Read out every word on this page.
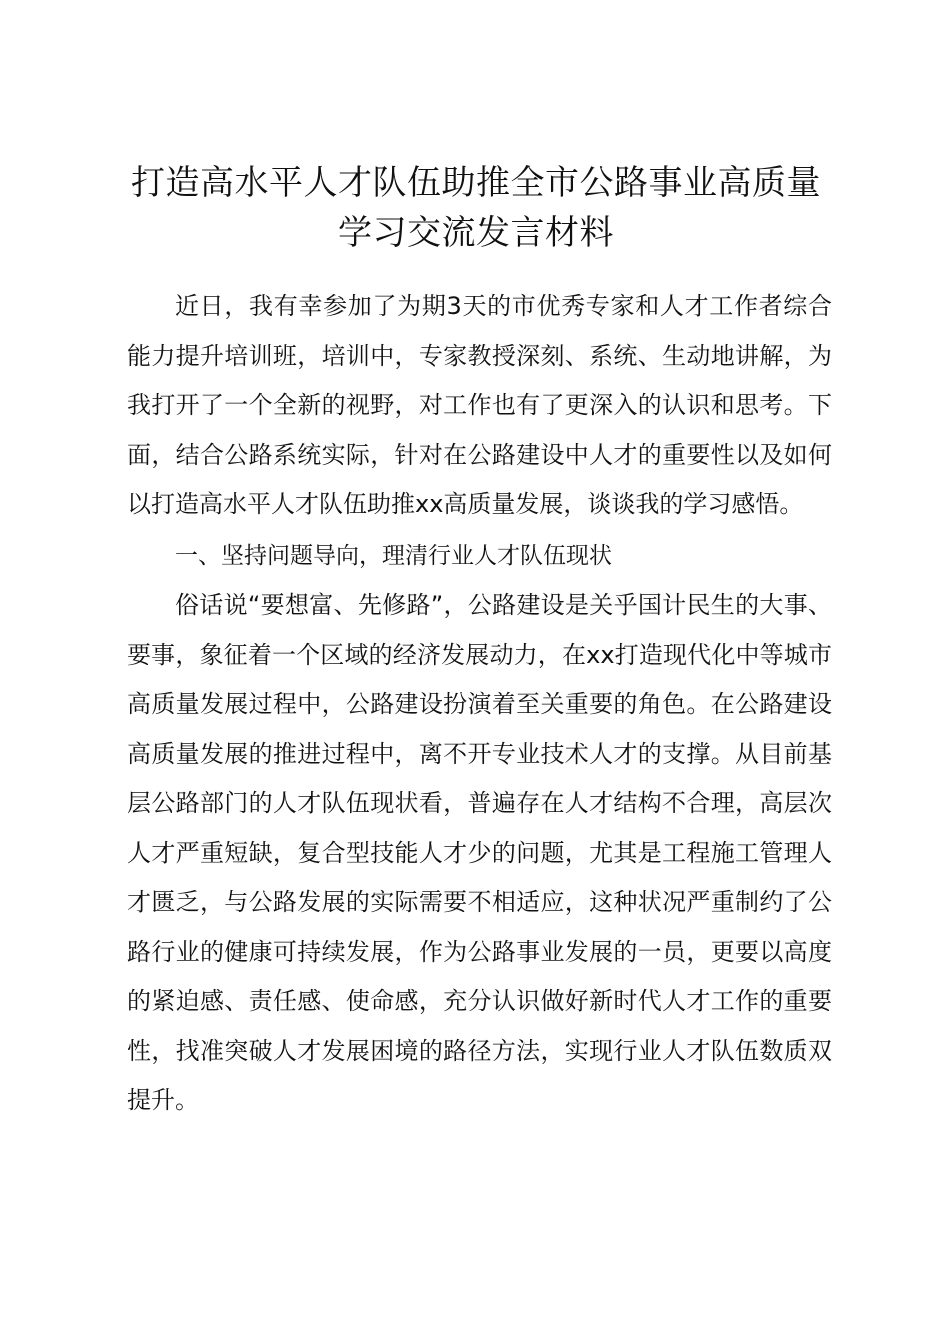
打造高水平人才队伍助推全市公路事业高质量
学习交流发言材料

近日，我有幸参加了为期3天的市优秀专家和人才工作者综合能力提升培训班，培训中，专家教授深刻、系统、生动地讲解，为我打开了一个全新的视野，对工作也有了更深入的认识和思考。下面，结合公路系统实际，针对在公路建设中人才的重要性以及如何以打造高水平人才队伍助推xx高质量发展，谈谈我的学习感悟。

一、坚持问题导向，理清行业人才队伍现状

俗话说“要想富、先修路”，公路建设是关乎国计民生的大事、要事，象征着一个区域的经济发展动力，在xx打造现代化中等城市高质量发展过程中，公路建设扮演着至关重要的角色。在公路建设高质量发展的推进过程中，离不开专业技术人才的支撑。从目前基层公路部门的人才队伍现状看，普遍存在人才结构不合理，高层次人才严重短缺，复合型技能人才少的问题，尤其是工程施工管理人才匮乏，与公路发展的实际需要不相适应，这种状况严重制约了公路行业的健康可持续发展，作为公路事业发展的一员，更要以高度的紧迫感、责任感、使命感，充分认识做好新时代人才工作的重要性，找准突破人才发展困境的路径方法，实现行业人才队伍数质双提升。
